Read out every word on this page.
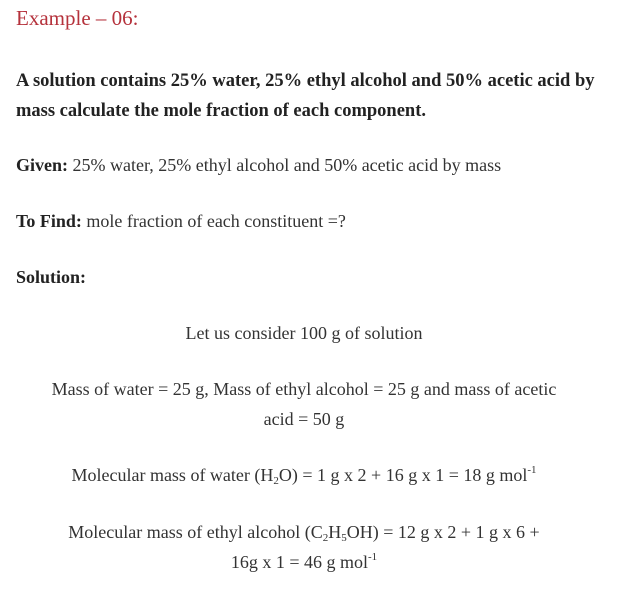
Example – 06:
A solution contains 25% water, 25% ethyl alcohol and 50% acetic acid by mass calculate the mole fraction of each component.
Given: 25% water, 25% ethyl alcohol and 50% acetic acid by mass
To Find: mole fraction of each constituent =?
Solution:
Let us consider 100 g of solution
Mass of water = 25 g, Mass of ethyl alcohol = 25 g and mass of acetic
acid = 50 g
Molecular mass of water $(H_2O) = 1$ g x 2 + 16 g x 1 = 18 g mol$^{-1}$
Molecular mass of ethyl alcohol $(C_2H_5OH) = 12$ g x 2 + 1 g x 6 +
16g x 1 = 46 g mol$^{-1}$
